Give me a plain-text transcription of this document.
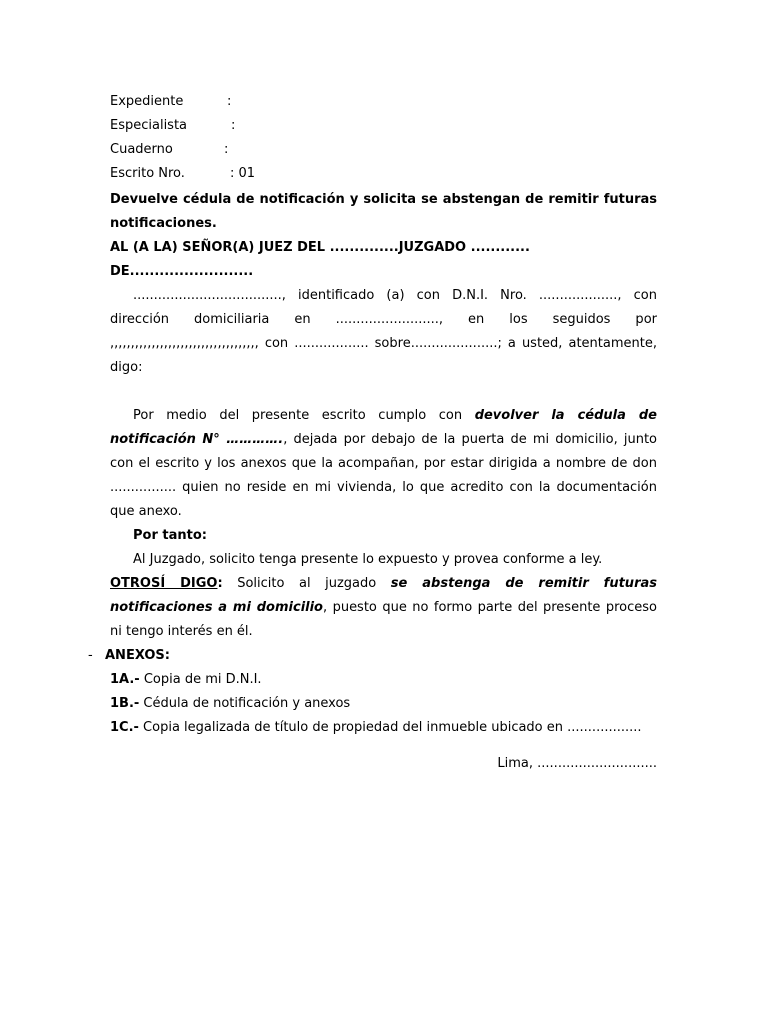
Expediente	:
Especialista	:
Cuaderno	:
Escrito Nro.	: 01

Devuelve cédula de notificación y solicita se abstengan de remitir futuras notificaciones.

AL (A LA) SEÑOR(A) JUEZ DEL ..............JUZGADO ............ DE.........................

...................................., identificado (a) con D.N.I. Nro. ..................., con dirección domiciliaria en ........................., en los seguidos por ,,,,,,,,,,,,,,,,,,,,,,,,,,,,,,,,,,,, con .................. sobre.....................; a usted, atentamente, digo:

Por medio del presente escrito cumplo con devolver la cédula de notificación N° …………., dejada por debajo de la puerta de mi domicilio, junto con el escrito y los anexos que la acompañan, por estar dirigida a nombre de don ................ quien no reside en mi vivienda, lo que acredito con la documentación que anexo.

Por tanto:

Al Juzgado, solicito tenga presente lo expuesto y provea conforme a ley.

OTROSÍ DIGO: Solicito al juzgado se abstenga de remitir futuras notificaciones a mi domicilio, puesto que no formo parte del presente proceso ni tengo interés en él.

- ANEXOS:
1A.- Copia de mi D.N.I.
1B.- Cédula de notificación y anexos
1C.- Copia legalizada de título de propiedad del inmueble ubicado en ..................

Lima, .............................
